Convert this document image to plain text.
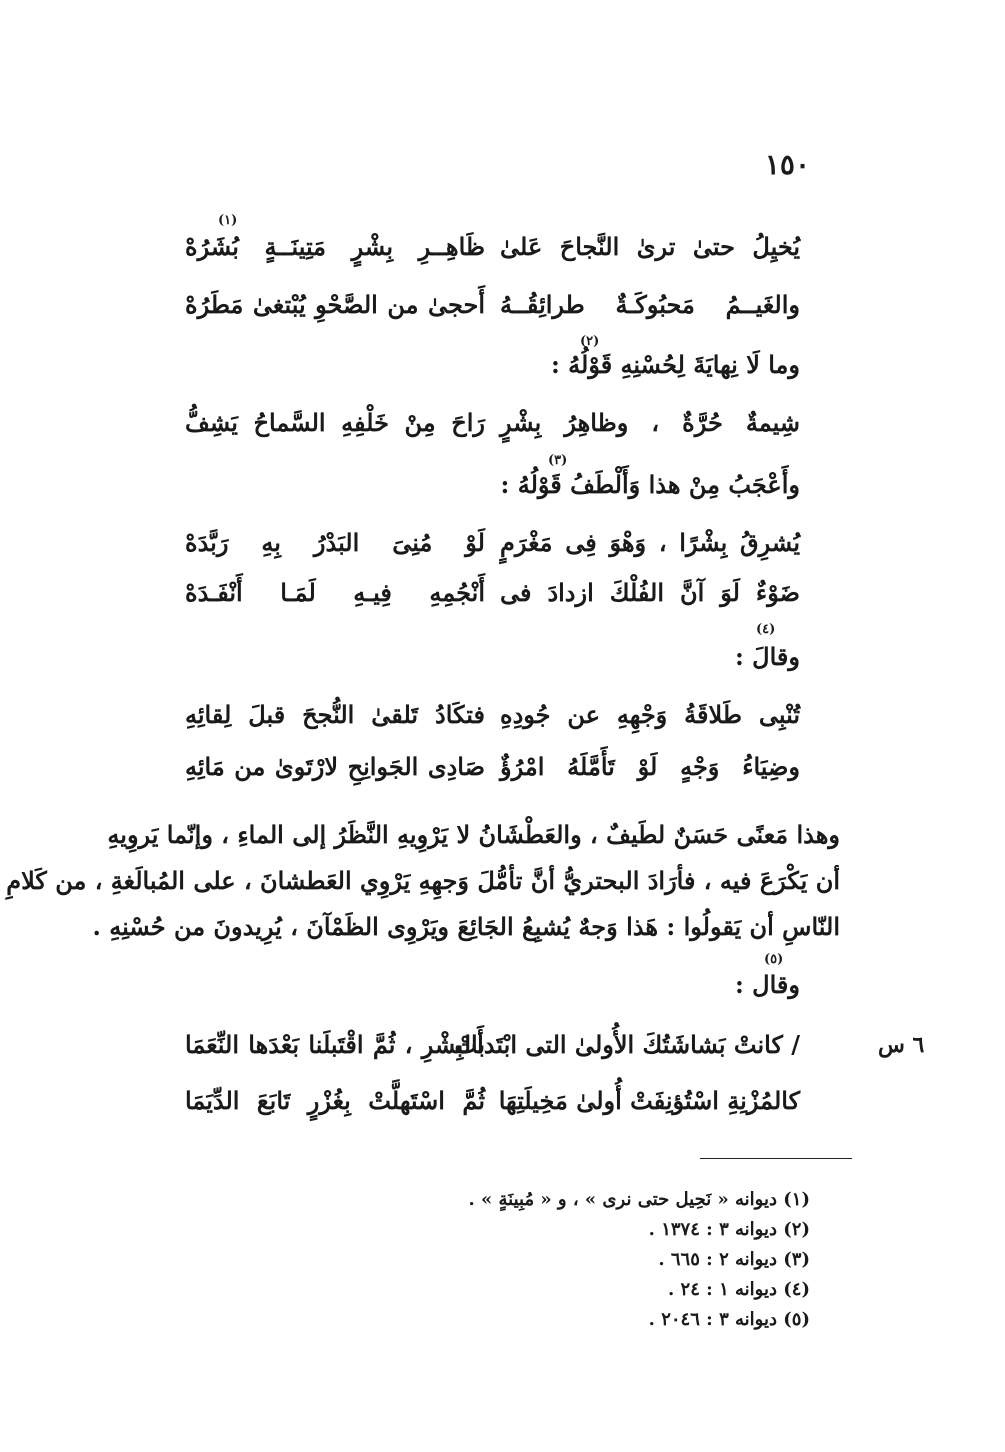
١٥٠
يُخيِلُ حتىٰ ترىٰ النَّجاحَ عَلىٰ
ظَاهِــرِ بِشْرٍ مَتِينَــةٍ بُشَرُهْ
(١)
والغَيــمُ مَحبُوكَـةٌ طرائِقُــهُ
أَحجىٰ من الصَّحْوِ يُبْتغىٰ مَطَرُهْ
وما لَا نِهايَةَ لِحُسْنِهِ قَوْلُهُ :
(٢)
شِيمةٌ حُرَّةٌ ، وظاهِرُ بِشْرٍ
رَاحَ مِنْ خَلْفِهِ السَّماحُ يَشِفُّ
وأَعْجَبُ مِنْ هذا وَأَلْطَفُ قَوْلُهُ :
(٣)
يُشرِقُ بِشْرًا ، وَهْوَ فِى مَغْرَمٍ
لَوْ مُنِىَ البَدْرُ بِهِ رَبَّدَهْ
ضَوْءٌ لَوَ آنَّ الفُلْكَ ازدادَ فى
أَنْجُمِهِ فِيـهِ لَمَـا أَنْفَـدَهْ
(٤)
وقالَ :
تُنْبِى طَلاقَةُ وَجْهِهِ عن جُودِهِ
فتكَادُ تَلقىٰ النُّجحَ قبلَ لِقائِهِ
وضِيَاءُ وَجْهٍ لَوْ تَأَمَّلَهُ امْرُؤٌ
صَادِى الجَوانِحِ لارْتَوىٰ من مَائِهِ
وهذا مَعنًى حَسَنٌ لطَيفٌ ، والعَطْشَانُ لا يَرْوِيهِ النَّظَرُ إلى الماءِ ، وإنّما يَروِيهِ
أن يَكْرَعَ فيه ، فأرَادَ البحتريُّ أنَّ تأمُّلَ وَجهِهِ يَرْوِي العَطشانَ ، على المُبالَغةِ ، من كَلامِ
النّاسِ أن يَقولُوا : هَذا وَجهٌ يُشبِعُ الجَائِعَ ويَرْوِى الظَمْآنَ ، يُرِيدونَ من حُسْنِهِ .
(٥)
وقال :
٦ س
/ كانتْ بَشاشَتُكَ الأُولىٰ التى ابْتَدأَتْ
بالبِشْرِ ، ثُمَّ اقْتَبلَنا بَعْدَها النِّعَمَا
كالمُزْنِةِ اسْتُؤنِفَتْ أُولىٰ مَخِيلَتِهَا
ثُمَّ اسْتَهلَّتْ بِغُزْرٍ تَابَعَ الدِّيَمَا
(١) ديوانه « نَحِيل حتى نرى » ، و « مُبِينَةٍ » .
(٢) ديوانه ٣ : ١٣٧٤ .
(٣) ديوانه ٢ : ٦٦٥ .
(٤) ديوانه ١ : ٢٤ .
(٥) ديوانه ٣ : ٢٠٤٦ .
